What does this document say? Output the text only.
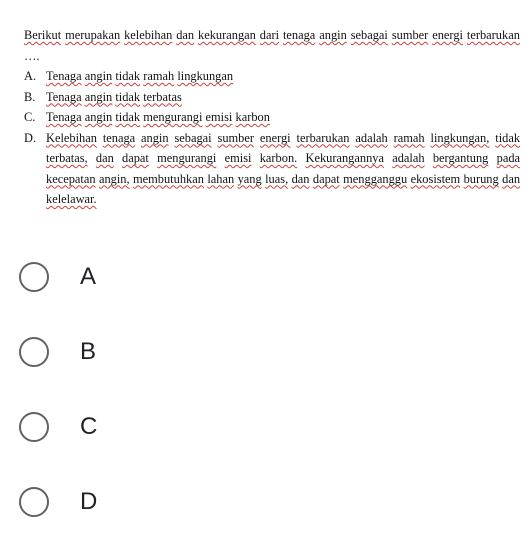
Berikut merupakan kelebihan dan kekurangan dari tenaga angin sebagai sumber energi terbarukan ….

A. Tenaga angin tidak ramah lingkungan
B. Tenaga angin tidak terbatas
C. Tenaga angin tidak mengurangi emisi karbon
D. Kelebihan tenaga angin sebagai sumber energi terbarukan adalah ramah lingkungan, tidak terbatas, dan dapat mengurangi emisi karbon. Kekurangannya adalah bergantung pada kecepatan angin, membutuhkan lahan yang luas, dan dapat mengganggu ekosistem burung dan kelelawar.
A
B
C
D
